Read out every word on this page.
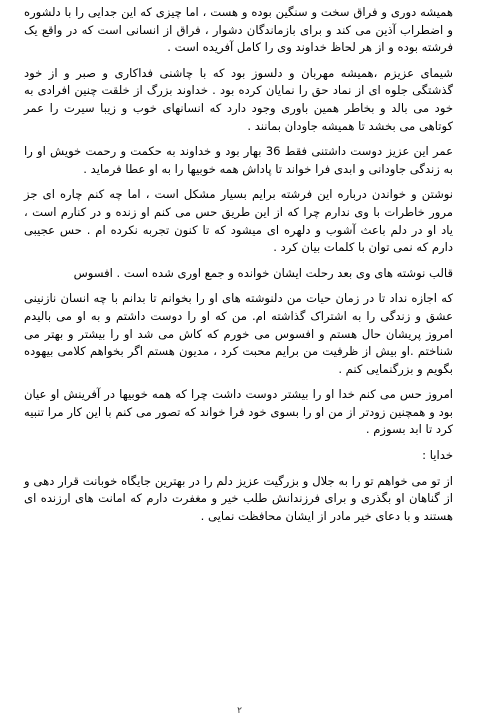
همیشه دوری و فراق سخت و سنگین بوده و هست ، اما چیزی که این جدایی را با دلشوره و اضطراب آذین می کند و برای بازماندگان دشوار ، فراق از انسانی است که در واقع یک فرشته بوده و از هر لحاظ خداوند وی را کامل آفریده است .

شیمای عزیزم ،همیشه مهربان و دلسوز بود که با چاشنی فداکاری و صبر و از خود گذشتگی جلوه ای از نماد حق را نمایان کرده بود . خداوند بزرگ از خلقت چنین افرادی به خود می بالد و بخاطر همین باوری وجود دارد که انسانهای خوب و زیبا سیرت را عمر کوتاهی می بخشد تا همیشه جاودان بمانند .

عمر این عزیز دوست داشتنی فقط 36 بهار بود و خداوند به حکمت و رحمت خویش او را به زندگی جاودانی و ابدی فرا خواند تا پاداش همه خوبیها را به او عطا فرماید .

نوشتن و خواندن درباره این فرشته برایم بسیار مشکل است ، اما چه کنم چاره ای جز مرور خاطرات با وی ندارم چرا که از این طریق حس می کنم او زنده و در کنارم است ، یاد او در دلم باعث آشوب و دلهره ای میشود که تا کنون تجربه نکرده ام . حس عجیبی دارم که نمی توان با کلمات بیان کرد .

قالب نوشته های وی بعد رحلت ایشان خوانده و جمع اوری شده است . افسوس

که اجازه نداد تا در زمان حیات من دلنوشته های او را بخوانم تا بدانم با چه انسان نازنینی عشق و زندگی را به اشتراک گذاشته ام. من که او را دوست داشتم و به او می بالیدم امروز پریشان حال هستم و افسوس می خورم که کاش می شد او را بیشتر و بهتر می شناختم .او بیش از ظرفیت من برایم محبت کرد ، مدیون هستم اگر بخواهم کلامی بیهوده بگویم و بزرگنمایی کنم .

امروز حس می کنم خدا او را بیشتر دوست داشت چرا که همه خوبیها در آفرینش او عیان بود و همچنین زودتر از من او را بسوی خود فرا خواند که تصور می کنم با این کار مرا تنبیه کرد تا ابد بسوزم .

خدایا :

از تو می خواهم تو را به جلال و بزرگیت عزیز دلم را در بهترین جایگاه خوبانت قرار دهی و از گناهان او بگذری و برای فرزندانش طلب خیر و مغفرت دارم که امانت های ارزنده ای هستند و با دعای خیر مادر از ایشان محافظت نمایی .

۲
